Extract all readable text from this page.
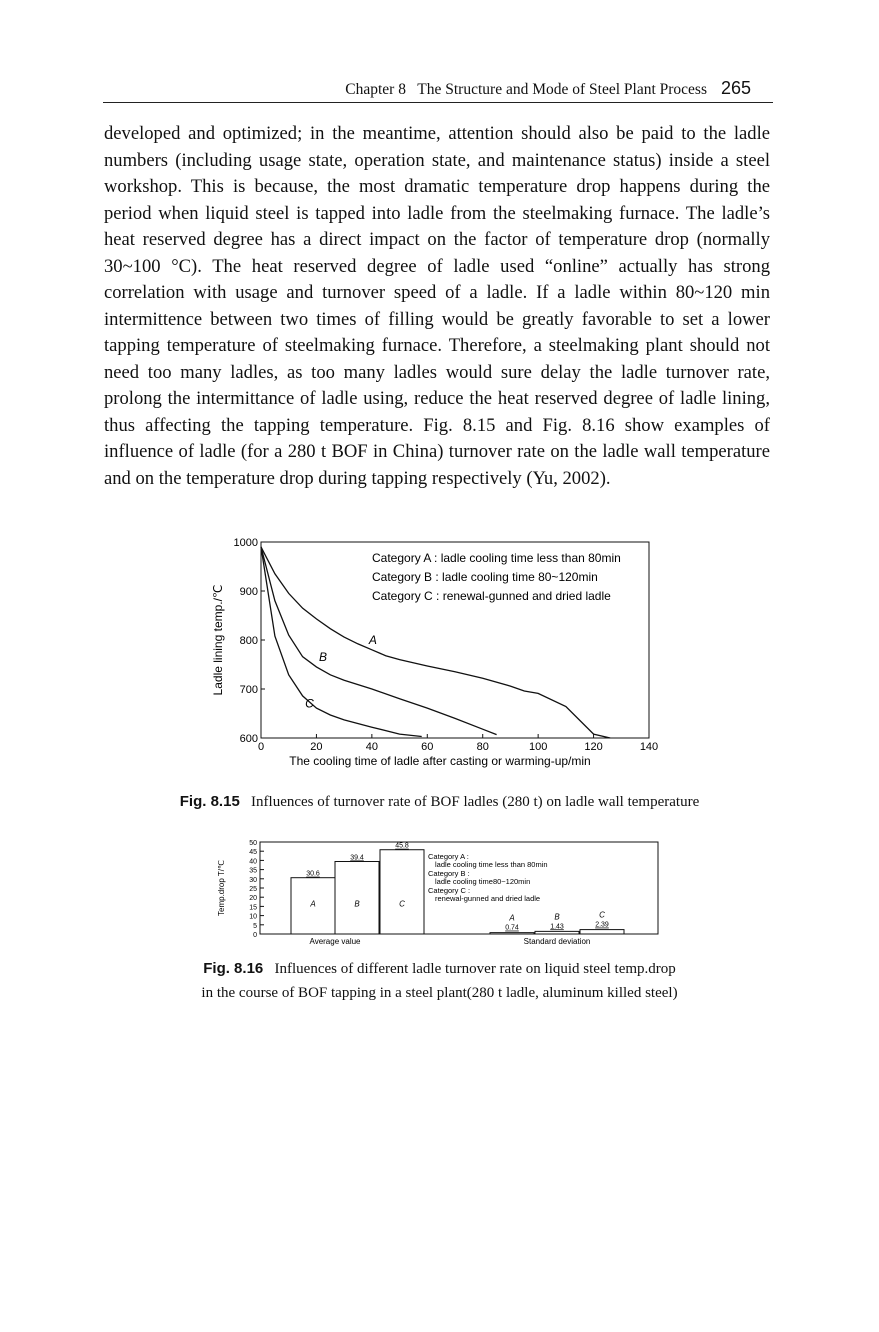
Chapter 8   The Structure and Mode of Steel Plant Process 265

developed and optimized; in the meantime, attention should also be paid to the ladle numbers (including usage state, operation state, and maintenance status) inside a steel workshop. This is because, the most dramatic temperature drop happens during the period when liquid steel is tapped into ladle from the steelmaking furnace. The ladle’s heat reserved degree has a direct impact on the factor of temperature drop (normally 30~100 °C). The heat reserved degree of ladle used “online” actually has strong correlation with usage and turnover speed of a ladle. If a ladle within 80~120 min intermittence between two times of filling would be greatly favorable to set a lower tapping temperature of steelmaking furnace. Therefore, a steelmaking plant should not need too many ladles, as too many ladles would sure delay the ladle turnover rate, prolong the intermittance of ladle using, reduce the heat reserved degree of ladle lining, thus affecting the tapping temperature. Fig. 8.15 and Fig. 8.16 show examples of influence of ladle (for a 280 t BOF in China) turnover rate on the ladle wall temperature and on the temperature drop during tapping respectively (Yu, 2002).

Ladle lining temp./℃
0	20	40	60	80	100	120	140
600
700
800
900
1000
Category A : ladle cooling time less than 80min
Category B : ladle cooling time 80~120min
Category C : renewal-gunned and dried ladle
A
B
C
The cooling time of ladle after casting or warming-up/min
Fig. 8.15 Influences of turnover rate of BOF ladles (280 t) on ladle wall temperature
0
5
10
15
20
25
30
35
40
45
50
Temp.drop T/℃	30.6
A
39.4
B
45.8
C
0.74
A
1.43
B
2.39
C
Average value	Standard deviation
Category A :
ladle cooling time less than 80min
Category B :
ladle cooling time80~120min
Category C :
renewal-gunned and dried ladle
Fig. 8.16 Influences of different ladle turnover rate on liquid steel temp.drop
in the course of BOF tapping in a steel plant(280 t ladle, aluminum killed steel)
